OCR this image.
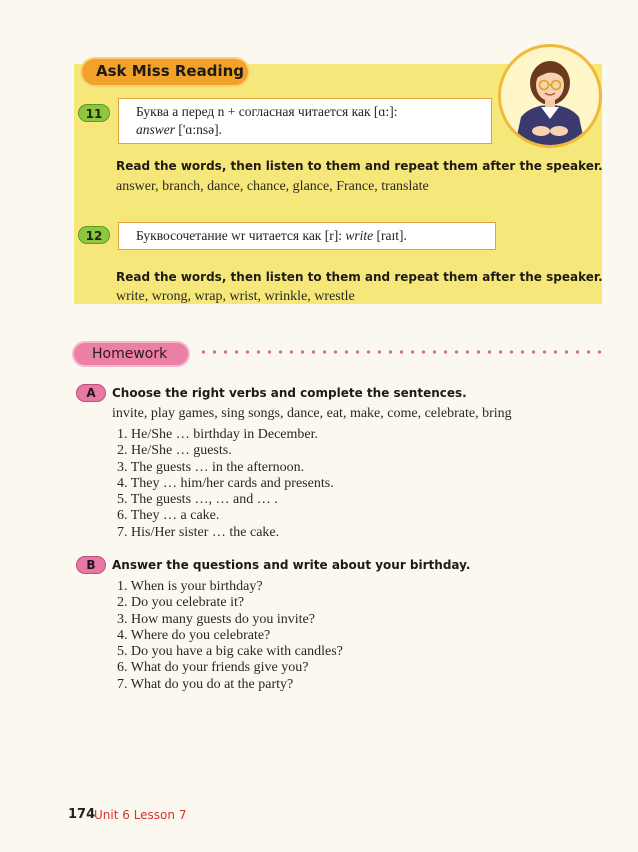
Ask Miss Reading
11	Буква a перед n + согласная читается как [ɑ:]:
answer ['ɑ:nsə].
Read the words, then listen to them and repeat them after the speaker.
answer, branch, dance, chance, glance, France, translate
12	Буквосочетание wr читается как [r]: write [raɪt].
Read the words, then listen to them and repeat them after the speaker.
write, wrong, wrap, wrist, wrinkle, wrestle
Homework
A	Choose the right verbs and complete the sentences.
invite, play games, sing songs, dance, eat, make, come, celebrate, bring
1. He/She … birthday in December.
2. He/She … guests.
3. The guests … in the afternoon.
4. They … him/her cards and presents.
5. The guests …, … and … .
6. They … a cake.
7. His/Her sister … the cake.
B	Answer the questions and write about your birthday.
1. When is your birthday?
2. Do you celebrate it?
3. How many guests do you invite?
4. Where do you celebrate?
5. Do you have a big cake with candles?
6. What do your friends give you?
7. What do you do at the party?
174
Unit 6 Lesson 7
